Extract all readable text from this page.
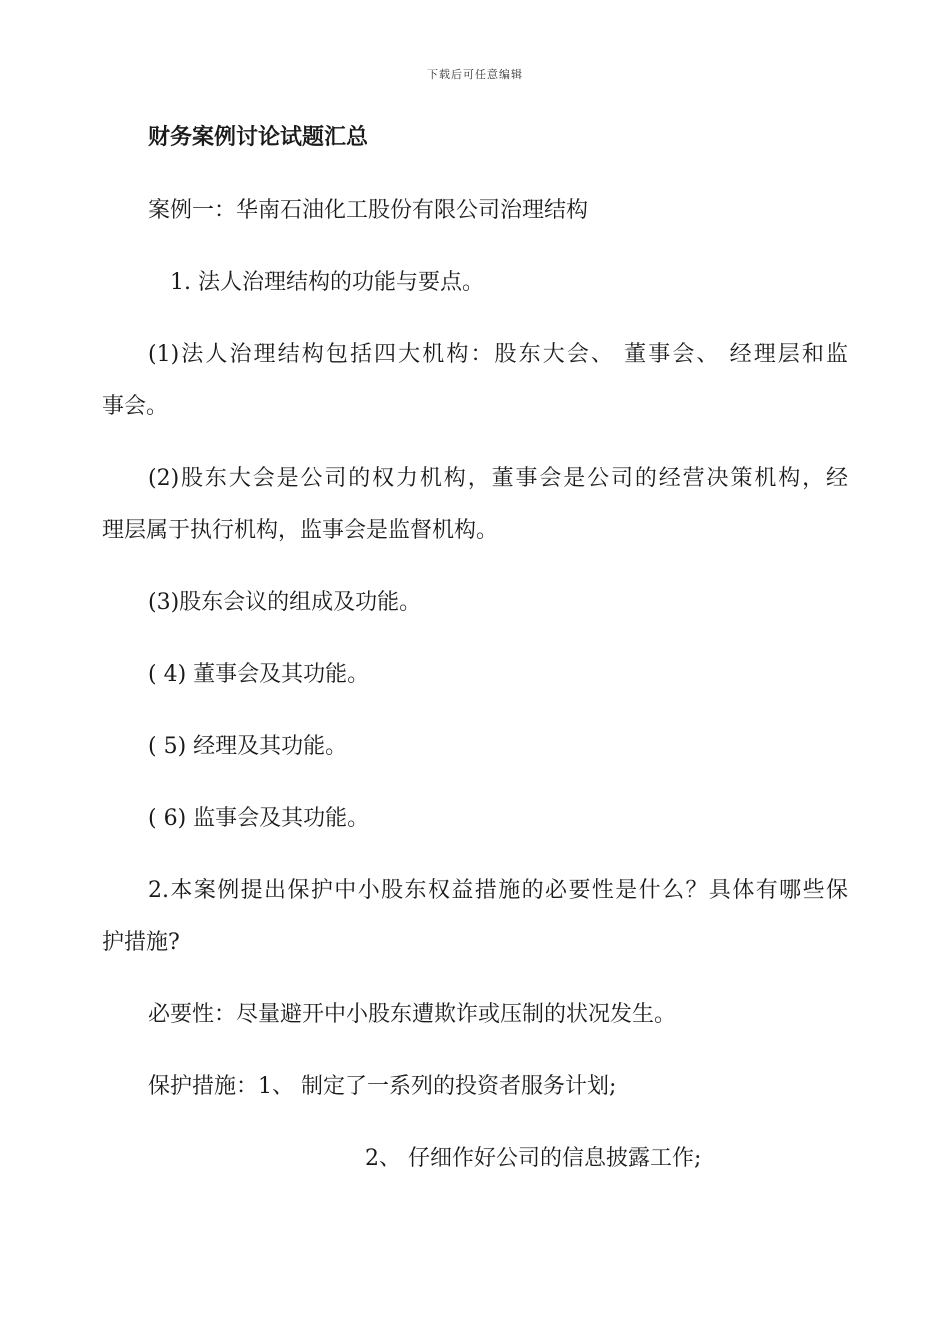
下载后可任意编辑
财务案例讨论试题汇总
案例一：华南石油化工股份有限公司治理结构
1. 法人治理结构的功能与要点。
(1)法人治理结构包括四大机构：股东大会、 董事会、 经理层和监
事会。
(2)股东大会是公司的权力机构，董事会是公司的经营决策机构，经
理层属于执行机构，监事会是监督机构。
(3)股东会议的组成及功能。
( 4) 董事会及其功能。
( 5) 经理及其功能。
( 6) 监事会及其功能。
2.本案例提出保护中小股东权益措施的必要性是什么？具体有哪些保
护措施?
必要性：尽量避开中小股东遭欺诈或压制的状况发生。
保护措施：1、 制定了一系列的投资者服务计划;
2、 仔细作好公司的信息披露工作;
